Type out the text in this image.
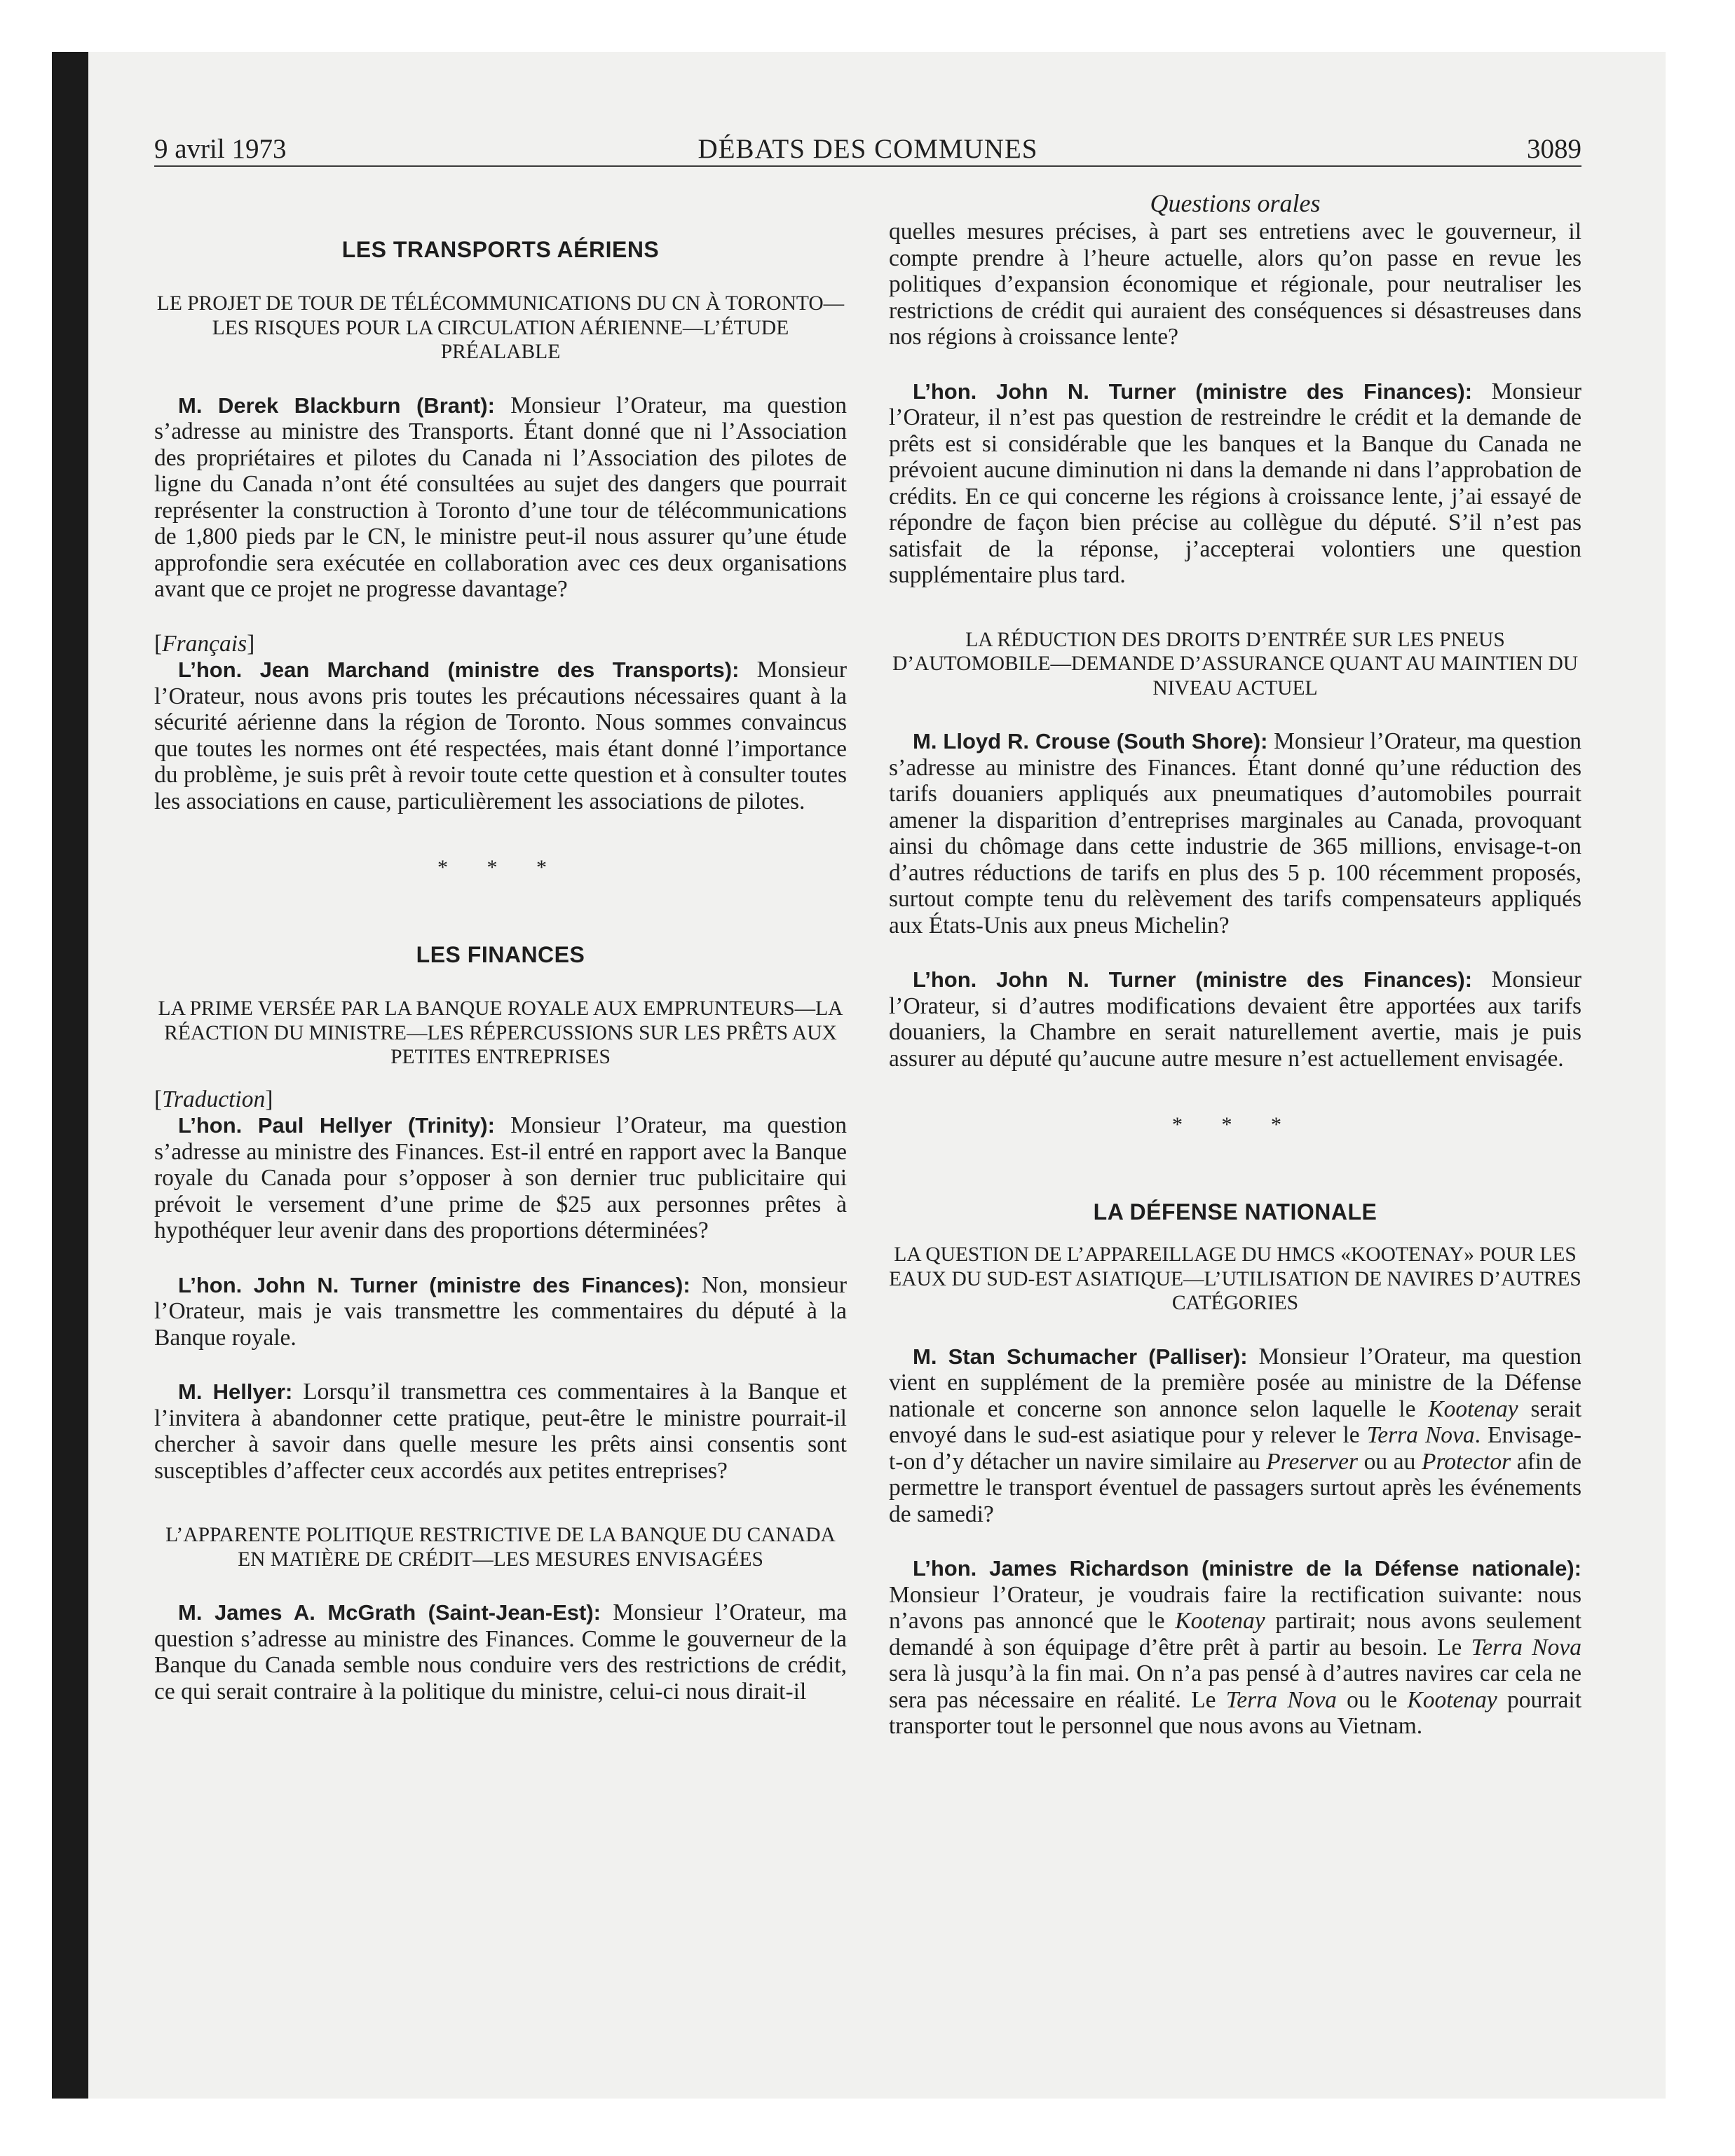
9 avril 1973	DÉBATS DES COMMUNES	3089
Questions orales
LES TRANSPORTS AÉRIENS
LE PROJET DE TOUR DE TÉLÉCOMMUNICATIONS DU CN À TORONTO—LES RISQUES POUR LA CIRCULATION AÉRIENNE—L’ÉTUDE PRÉALABLE

M. Derek Blackburn (Brant): Monsieur l’Orateur, ma question s’adresse au ministre des Transports. Étant donné que ni l’Association des propriétaires et pilotes du Canada ni l’Association des pilotes de ligne du Canada n’ont été consultées au sujet des dangers que pourrait représenter la construction à Toronto d’une tour de télécommunications de 1,800 pieds par le CN, le ministre peut-il nous assurer qu’une étude approfondie sera exécutée en collaboration avec ces deux organisations avant que ce projet ne progresse davantage?

[Français]

L’hon. Jean Marchand (ministre des Transports): Monsieur l’Orateur, nous avons pris toutes les précautions nécessaires quant à la sécurité aérienne dans la région de Toronto. Nous sommes convaincus que toutes les normes ont été respectées, mais étant donné l’importance du problème, je suis prêt à revoir toute cette question et à consulter toutes les associations en cause, particulièrement les associations de pilotes.

* * *
LES FINANCES
LA PRIME VERSÉE PAR LA BANQUE ROYALE AUX EMPRUNTEURS—LA RÉACTION DU MINISTRE—LES RÉPERCUSSIONS SUR LES PRÊTS AUX PETITES ENTREPRISES

[Traduction]

L’hon. Paul Hellyer (Trinity): Monsieur l’Orateur, ma question s’adresse au ministre des Finances. Est-il entré en rapport avec la Banque royale du Canada pour s’opposer à son dernier truc publicitaire qui prévoit le versement d’une prime de $25 aux personnes prêtes à hypothéquer leur avenir dans des proportions déterminées?

L’hon. John N. Turner (ministre des Finances): Non, monsieur l’Orateur, mais je vais transmettre les commentaires du député à la Banque royale.

M. Hellyer: Lorsqu’il transmettra ces commentaires à la Banque et l’invitera à abandonner cette pratique, peut-être le ministre pourrait-il chercher à savoir dans quelle mesure les prêts ainsi consentis sont susceptibles d’affecter ceux accordés aux petites entreprises?

L’APPARENTE POLITIQUE RESTRICTIVE DE LA BANQUE DU CANADA EN MATIÈRE DE CRÉDIT—LES MESURES ENVISAGÉES

M. James A. McGrath (Saint-Jean-Est): Monsieur l’Orateur, ma question s’adresse au ministre des Finances. Comme le gouverneur de la Banque du Canada semble nous conduire vers des restrictions de crédit, ce qui serait contraire à la politique du ministre, celui-ci nous dirait-il

quelles mesures précises, à part ses entretiens avec le gouverneur, il compte prendre à l’heure actuelle, alors qu’on passe en revue les politiques d’expansion économique et régionale, pour neutraliser les restrictions de crédit qui auraient des conséquences si désastreuses dans nos régions à croissance lente?

L’hon. John N. Turner (ministre des Finances): Monsieur l’Orateur, il n’est pas question de restreindre le crédit et la demande de prêts est si considérable que les banques et la Banque du Canada ne prévoient aucune diminution ni dans la demande ni dans l’approbation de crédits. En ce qui concerne les régions à croissance lente, j’ai essayé de répondre de façon bien précise au collègue du député. S’il n’est pas satisfait de la réponse, j’accepterai volontiers une question supplémentaire plus tard.

LA RÉDUCTION DES DROITS D’ENTRÉE SUR LES PNEUS D’AUTOMOBILE—DEMANDE D’ASSURANCE QUANT AU MAINTIEN DU NIVEAU ACTUEL

M. Lloyd R. Crouse (South Shore): Monsieur l’Orateur, ma question s’adresse au ministre des Finances. Étant donné qu’une réduction des tarifs douaniers appliqués aux pneumatiques d’automobiles pourrait amener la disparition d’entreprises marginales au Canada, provoquant ainsi du chômage dans cette industrie de 365 millions, envisage-t-on d’autres réductions de tarifs en plus des 5 p. 100 récemment proposés, surtout compte tenu du relèvement des tarifs compensateurs appliqués aux États-Unis aux pneus Michelin?

L’hon. John N. Turner (ministre des Finances): Monsieur l’Orateur, si d’autres modifications devaient être apportées aux tarifs douaniers, la Chambre en serait naturellement avertie, mais je puis assurer au député qu’aucune autre mesure n’est actuellement envisagée.

* * *
LA DÉFENSE NATIONALE
LA QUESTION DE L’APPAREILLAGE DU HMCS «KOOTENAY» POUR LES EAUX DU SUD-EST ASIATIQUE—L’UTILISATION DE NAVIRES D’AUTRES CATÉGORIES

M. Stan Schumacher (Palliser): Monsieur l’Orateur, ma question vient en supplément de la première posée au ministre de la Défense nationale et concerne son annonce selon laquelle le Kootenay serait envoyé dans le sud-est asiatique pour y relever le Terra Nova. Envisage-t-on d’y détacher un navire similaire au Preserver ou au Protector afin de permettre le transport éventuel de passagers surtout après les événements de samedi?

L’hon. James Richardson (ministre de la Défense nationale): Monsieur l’Orateur, je voudrais faire la rectification suivante: nous n’avons pas annoncé que le Kootenay partirait; nous avons seulement demandé à son équipage d’être prêt à partir au besoin. Le Terra Nova sera là jusqu’à la fin mai. On n’a pas pensé à d’autres navires car cela ne sera pas nécessaire en réalité. Le Terra Nova ou le Kootenay pourrait transporter tout le personnel que nous avons au Vietnam.
